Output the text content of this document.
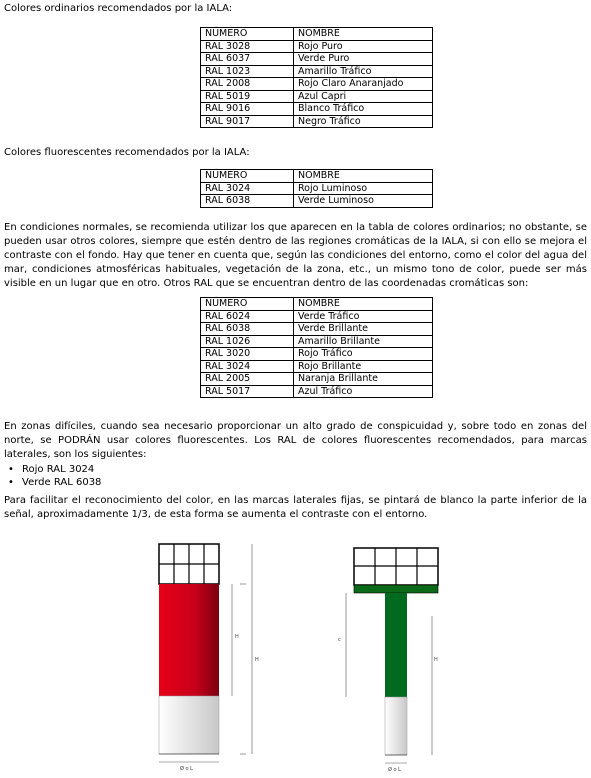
Colores ordinarios recomendados por la IALA:
NÚMERO	NOMBRE
RAL 3028	Rojo Puro
RAL 6037	Verde Puro
RAL 1023	Amarillo Tráfico
RAL 2008	Rojo Claro Anaranjado
RAL 5019	Azul Capri
RAL 9016	Blanco Tráfico
RAL 9017	Negro Tráfico
Colores fluorescentes recomendados por la IALA:
NÚMERO	NOMBRE
RAL 3024	Rojo Luminoso
RAL 6038	Verde Luminoso
En condiciones normales, se recomienda utilizar los que aparecen en la tabla de colores ordinarios; no obstante, se pueden usar otros colores, siempre que estén dentro de las regiones cromáticas de la IALA, si con ello se mejora el contraste con el fondo. Hay que tener en cuenta que, según las condiciones del entorno, como el color del agua del mar, condiciones atmosféricas habituales, vegetación de la zona, etc., un mismo tono de color, puede ser más visible en un lugar que en otro. Otros RAL que se encuentran dentro de las coordenadas cromáticas son:
NÚMERO	NOMBRE
RAL 6024	Verde Tráfico
RAL 6038	Verde Brillante
RAL 1026	Amarillo Brillante
RAL 3020	Rojo Tráfico
RAL 3024	Rojo Brillante
RAL 2005	Naranja Brillante
RAL 5017	Azul Tráfico
En zonas difíciles, cuando sea necesario proporcionar un alto grado de conspicuidad y, sobre todo en zonas del norte, se PODRÁN usar colores fluorescentes. Los RAL de colores fluorescentes recomendados, para marcas laterales, son los siguientes:
• Rojo RAL 3024
• Verde RAL 6038
Para facilitar el reconocimiento del color, en las marcas laterales fijas, se pintará de blanco la parte inferior de la señal, aproximadamente 1/3, de esta forma se aumenta el contraste con el entorno.
H
H
Ø o L
c
H
Ø o L
